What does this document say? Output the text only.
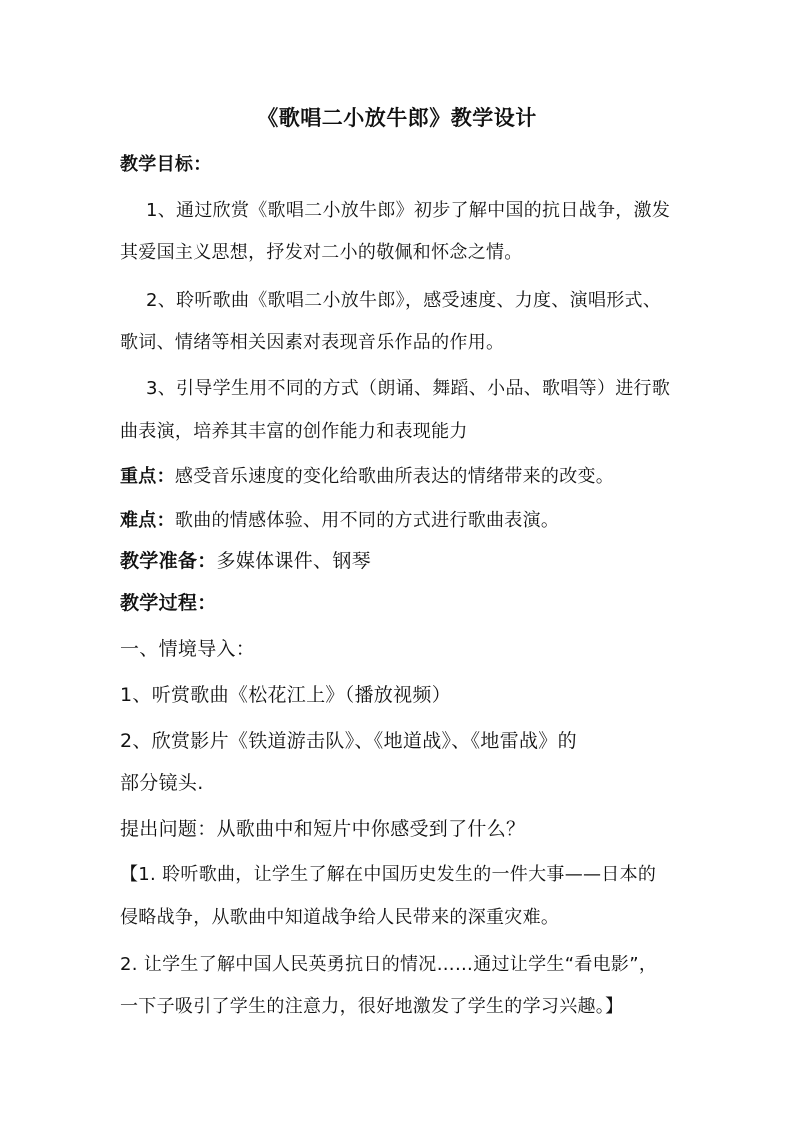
《歌唱二小放牛郎》教学设计
教学目标：
1、通过欣赏《歌唱二小放牛郎》初步了解中国的抗日战争，激发
其爱国主义思想，抒发对二小的敬佩和怀念之情。
2、聆听歌曲《歌唱二小放牛郎》，感受速度、力度、演唱形式、
歌词、情绪等相关因素对表现音乐作品的作用。
3、引导学生用不同的方式（朗诵、舞蹈、小品、歌唱等）进行歌
曲表演，培养其丰富的创作能力和表现能力
重点：感受音乐速度的变化给歌曲所表达的情绪带来的改变。
难点：歌曲的情感体验、用不同的方式进行歌曲表演。
教学准备：多媒体课件、钢琴
教学过程：
一、情境导入：
1、听赏歌曲《松花江上》（播放视频）
2、欣赏影片《铁道游击队》、《地道战》、《地雷战》的
部分镜头.
提出问题：从歌曲中和短片中你感受到了什么？
【1. 聆听歌曲，让学生了解在中国历史发生的一件大事——日本的
侵略战争，从歌曲中知道战争给人民带来的深重灾难。
2. 让学生了解中国人民英勇抗日的情况……通过让学生“看电影”，
一下子吸引了学生的注意力，很好地激发了学生的学习兴趣。】
